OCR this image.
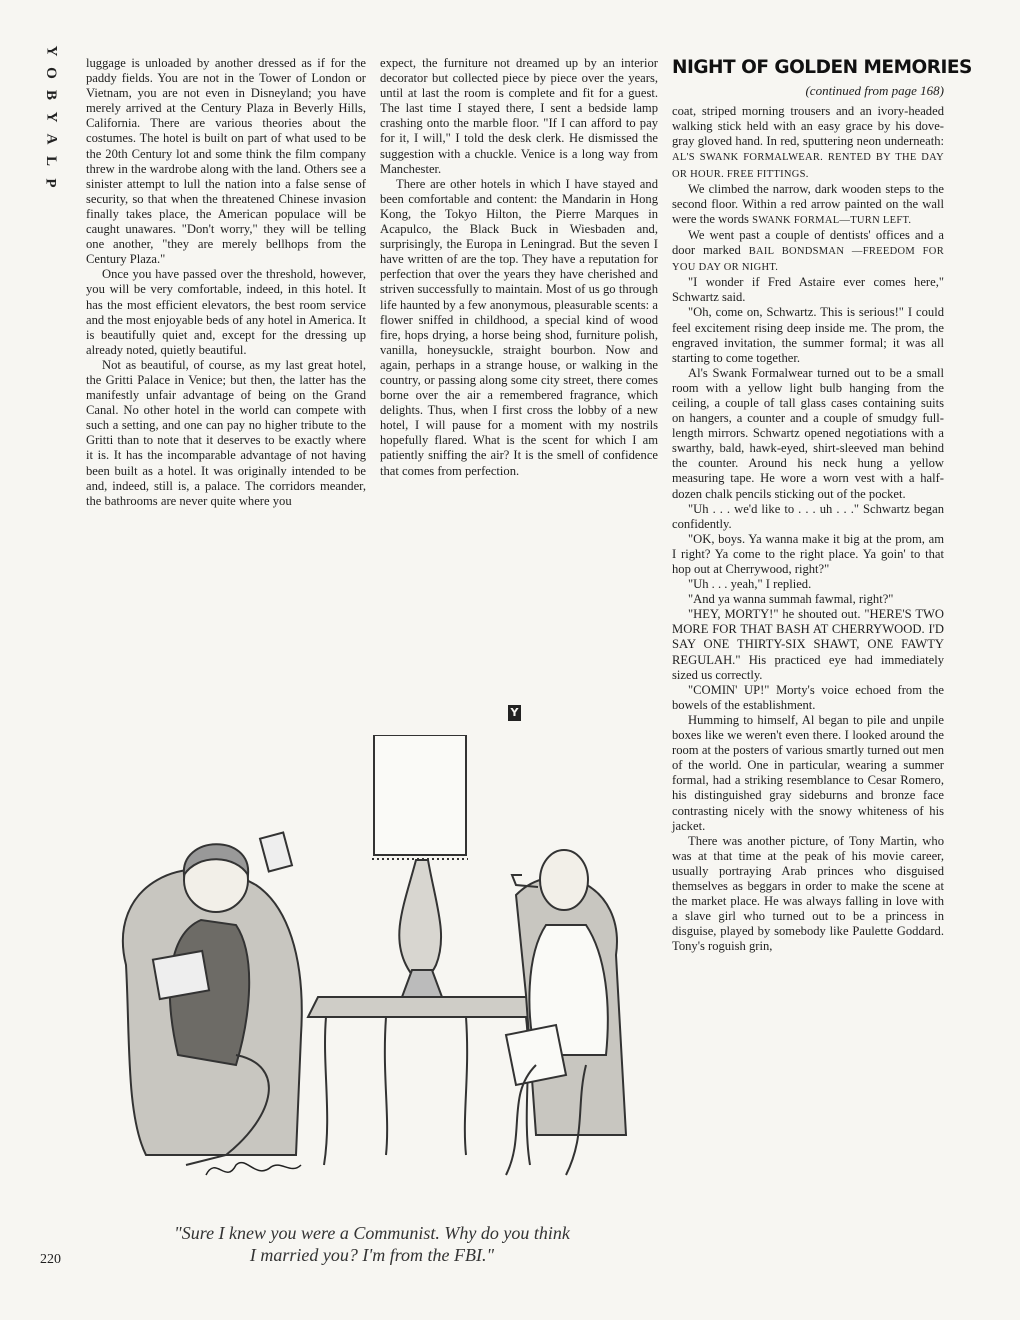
Y
O
B
Y
A
L
P
220

luggage is unloaded by another dressed as if for the paddy fields. You are not in the Tower of London or Vietnam, you are not even in Disneyland; you have merely arrived at the Century Plaza in Beverly Hills, California. There are various theories about the costumes. The hotel is built on part of what used to be the 20th Century lot and some think the film company threw in the wardrobe along with the land. Others see a sinister attempt to lull the nation into a false sense of security, so that when the threatened Chinese invasion finally takes place, the American populace will be caught unawares. "Don't worry," they will be telling one another, "they are merely bellhops from the Century Plaza."

Once you have passed over the threshold, however, you will be very comfortable, indeed, in this hotel. It has the most efficient elevators, the best room service and the most enjoyable beds of any hotel in America. It is beautifully quiet and, except for the dressing up already noted, quietly beautiful.

Not as beautiful, of course, as my last great hotel, the Gritti Palace in Venice; but then, the latter has the manifestly unfair advantage of being on the Grand Canal. No other hotel in the world can compete with such a setting, and one can pay no higher tribute to the Gritti than to note that it deserves to be exactly where it is. It has the incomparable advantage of not having been built as a hotel. It was originally intended to be and, indeed, still is, a palace. The corridors meander, the bathrooms are never quite where you

expect, the furniture not dreamed up by an interior decorator but collected piece by piece over the years, until at last the room is complete and fit for a guest. The last time I stayed there, I sent a bedside lamp crashing onto the marble floor. "If I can afford to pay for it, I will," I told the desk clerk. He dismissed the suggestion with a chuckle. Venice is a long way from Manchester.

There are other hotels in which I have stayed and been comfortable and content: the Mandarin in Hong Kong, the Tokyo Hilton, the Pierre Marques in Acapulco, the Black Buck in Wiesbaden and, surprisingly, the Europa in Leningrad. But the seven I have written of are the top. They have a reputation for perfection that over the years they have cherished and striven successfully to maintain. Most of us go through life haunted by a few anonymous, pleasurable scents: a flower sniffed in childhood, a special kind of wood fire, hops drying, a horse being shod, furniture polish, vanilla, honeysuckle, straight bourbon. Now and again, perhaps in a strange house, or walking in the country, or passing along some city street, there comes borne over the air a remembered fragrance, which delights. Thus, when I first cross the lobby of a new hotel, I will pause for a moment with my nostrils hopefully flared. What is the scent for which I am patiently sniffing the air? It is the smell of confidence that comes from perfection.

Y
NIGHT OF GOLDEN MEMORIES
(continued from page 168)

coat, striped morning trousers and an ivory-headed walking stick held with an easy grace by his dove-gray gloved hand. In red, sputtering neon underneath: AL'S SWANK FORMALWEAR. RENTED BY THE DAY OR HOUR. FREE FITTINGS.

We climbed the narrow, dark wooden steps to the second floor. Within a red arrow painted on the wall were the words SWANK FORMAL—TURN LEFT.

We went past a couple of dentists' offices and a door marked BAIL BONDSMAN —FREEDOM FOR YOU DAY OR NIGHT.

"I wonder if Fred Astaire ever comes here," Schwartz said.

"Oh, come on, Schwartz. This is serious!" I could feel excitement rising deep inside me. The prom, the engraved invitation, the summer formal; it was all starting to come together.

Al's Swank Formalwear turned out to be a small room with a yellow light bulb hanging from the ceiling, a couple of tall glass cases containing suits on hangers, a counter and a couple of smudgy full-length mirrors. Schwartz opened negotiations with a swarthy, bald, hawk-eyed, shirt-sleeved man behind the counter. Around his neck hung a yellow measuring tape. He wore a worn vest with a half-dozen chalk pencils sticking out of the pocket.

"Uh . . . we'd like to . . . uh . . ." Schwartz began confidently.

"OK, boys. Ya wanna make it big at the prom, am I right? Ya come to the right place. Ya goin' to that hop out at Cherrywood, right?"

"Uh . . . yeah," I replied.

"And ya wanna summah fawmal, right?"

"HEY, MORTY!" he shouted out. "HERE'S TWO MORE FOR THAT BASH AT CHERRYWOOD. I'D SAY ONE THIRTY-SIX SHAWT, ONE FAWTY REGULAH." His practiced eye had immediately sized us correctly.

"COMIN' UP!" Morty's voice echoed from the bowels of the establishment.

Humming to himself, Al began to pile and unpile boxes like we weren't even there. I looked around the room at the posters of various smartly turned out men of the world. One in particular, wearing a summer formal, had a striking resemblance to Cesar Romero, his distinguished gray sideburns and bronze face contrasting nicely with the snowy whiteness of his jacket.

There was another picture, of Tony Martin, who was at that time at the peak of his movie career, usually portraying Arab princes who disguised themselves as beggars in order to make the scene at the market place. He was always falling in love with a slave girl who turned out to be a princess in disguise, played by somebody like Paulette Goddard. Tony's roguish grin,

"Sure I knew you were a Communist. Why do you think
I married you? I'm from the FBI."
